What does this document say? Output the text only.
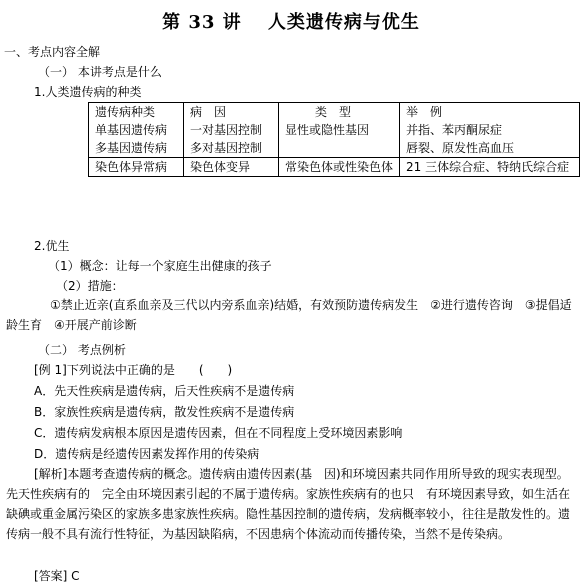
第 33 讲　 人类遗传病与优生
一、考点内容全解
（一） 本讲考点是什么
1.人类遗传病的种类
遗传病种类	病　因	类　型	举　例
单基因遗传病	一对基因控制	显性或隐性基因	并指、苯丙酮尿症
多基因遗传病	多对基因控制		唇裂、原发性高血压
染色体异常病	染色体变异	常染色体或性染色体	21 三体综合症、特纳氏综合症
2.优生
（1）概念：让每一个家庭生出健康的孩子
（2）措施：
①禁止近亲(直系血亲及三代以内旁系血亲)结婚，有效预防遗传病发生　②进行遗传咨询　③提倡适龄生育　④开展产前诊断
（二） 考点例析
[例 1]下列说法中正确的是　　(　　)
A．先天性疾病是遗传病，后天性疾病不是遗传病
B．家族性疾病是遗传病，散发性疾病不是遗传病
C．遗传病发病根本原因是遗传因素，但在不同程度上受环境因素影响
D．遗传病是经遗传因素发挥作用的传染病
[解析]本题考查遗传病的概念。遗传病由遗传因素(基　因)和环境因素共同作用所导致的现实表现型。先天性疾病有的　完全由环境因素引起的不属于遗传病。家族性疾病有的也只　有环境因素导致，如生活在缺碘或重金属污染区的家族多患家族性疾病。隐性基因控制的遗传病，发病概率较小，往往是散发性的。遗传病一般不具有流行性特征，为基因缺陷病，不因患病个体流动而传播传染，当然不是传染病。
[答案] C
